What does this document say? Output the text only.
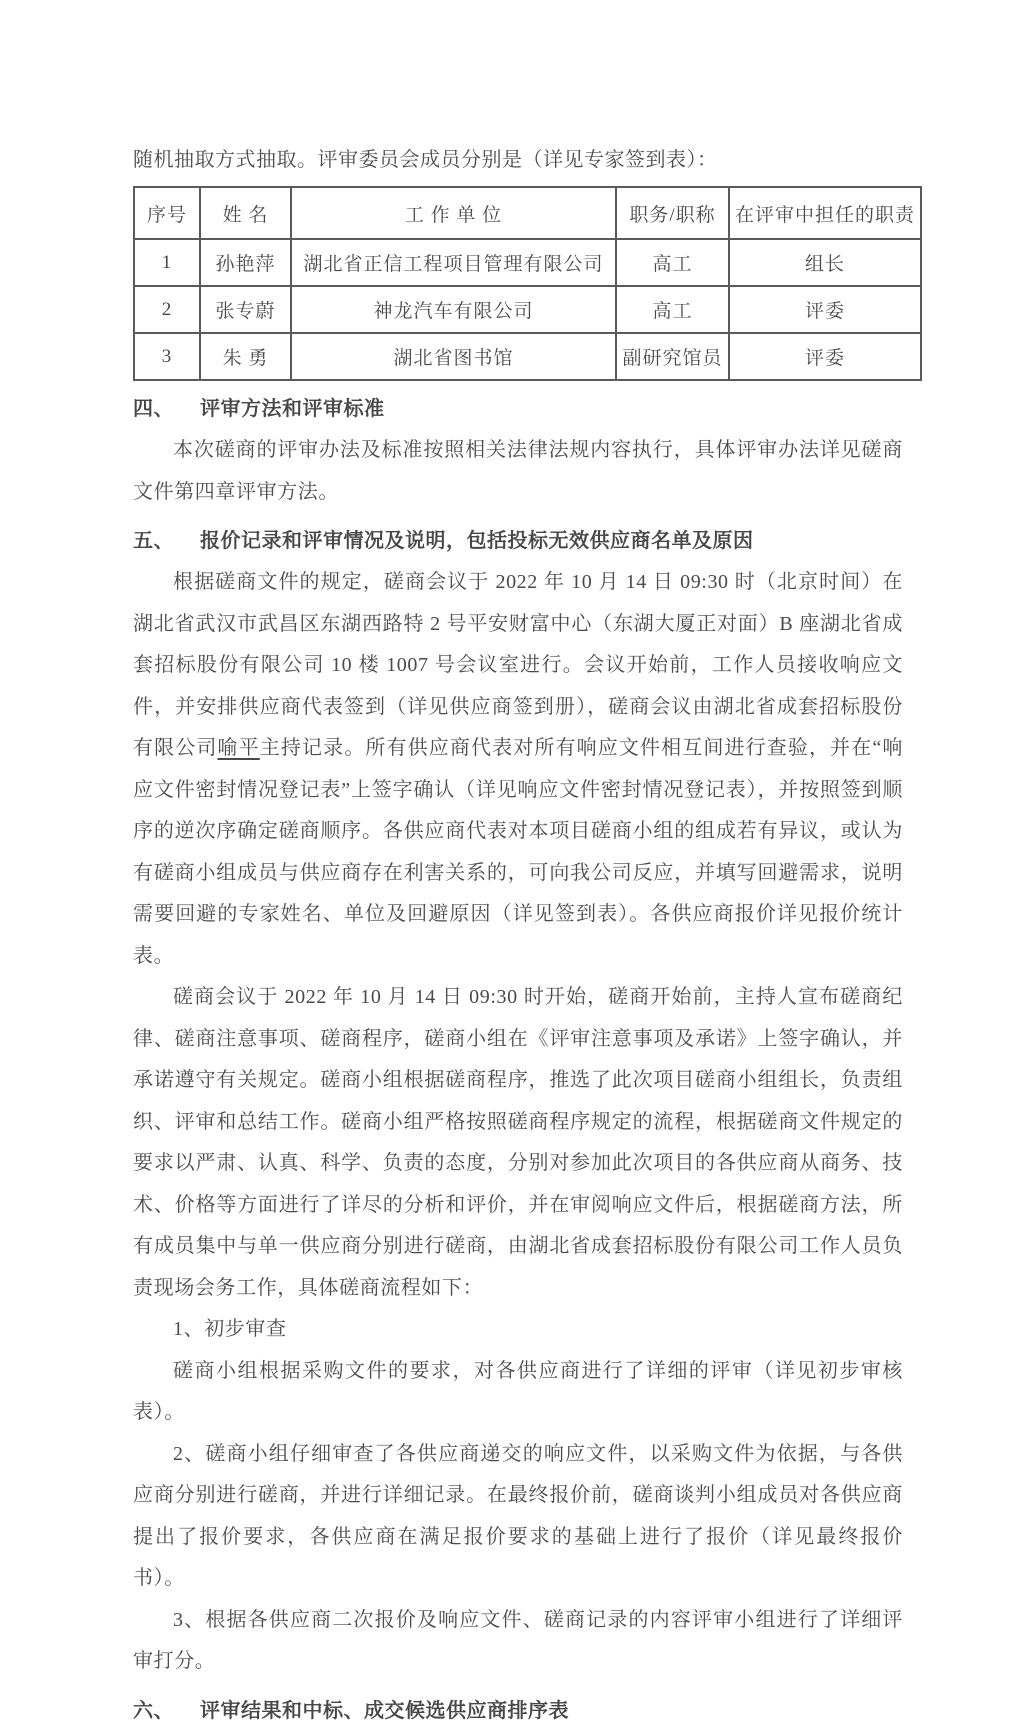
随机抽取方式抽取。评审委员会成员分别是（详见专家签到表）：
序号	姓 名	工 作 单 位	职务/职称	在评审中担任的职责
1	孙艳萍	湖北省正信工程项目管理有限公司	高工	组长
2	张专蔚	神龙汽车有限公司	高工	评委
3	朱 勇	湖北省图书馆	副研究馆员	评委
四、 评审方法和评审标准

本次磋商的评审办法及标准按照相关法律法规内容执行，具体评审办法详见磋商文件第四章评审方法。

五、 报价记录和评审情况及说明，包括投标无效供应商名单及原因

根据磋商文件的规定，磋商会议于 2022 年 10 月 14 日 09:30 时（北京时间）在湖北省武汉市武昌区东湖西路特 2 号平安财富中心（东湖大厦正对面）B 座湖北省成套招标股份有限公司 10 楼 1007 号会议室进行。会议开始前，工作人员接收响应文件，并安排供应商代表签到（详见供应商签到册），磋商会议由湖北省成套招标股份有限公司喻平主持记录。所有供应商代表对所有响应文件相互间进行查验，并在“响应文件密封情况登记表”上签字确认（详见响应文件密封情况登记表），并按照签到顺序的逆次序确定磋商顺序。各供应商代表对本项目磋商小组的组成若有异议，或认为有磋商小组成员与供应商存在利害关系的，可向我公司反应，并填写回避需求，说明需要回避的专家姓名、单位及回避原因（详见签到表）。各供应商报价详见报价统计表。

磋商会议于 2022 年 10 月 14 日 09:30 时开始，磋商开始前，主持人宣布磋商纪律、磋商注意事项、磋商程序，磋商小组在《评审注意事项及承诺》上签字确认，并承诺遵守有关规定。磋商小组根据磋商程序，推选了此次项目磋商小组组长，负责组织、评审和总结工作。磋商小组严格按照磋商程序规定的流程，根据磋商文件规定的要求以严肃、认真、科学、负责的态度，分别对参加此次项目的各供应商从商务、技术、价格等方面进行了详尽的分析和评价，并在审阅响应文件后，根据磋商方法，所有成员集中与单一供应商分别进行磋商，由湖北省成套招标股份有限公司工作人员负责现场会务工作，具体磋商流程如下：

1、初步审查

磋商小组根据采购文件的要求，对各供应商进行了详细的评审（详见初步审核表）。

2、磋商小组仔细审查了各供应商递交的响应文件，以采购文件为依据，与各供应商分别进行磋商，并进行详细记录。在最终报价前，磋商谈判小组成员对各供应商提出了报价要求，各供应商在满足报价要求的基础上进行了报价（详见最终报价书）。

3、根据各供应商二次报价及响应文件、磋商记录的内容评审小组进行了详细评审打分。

六、 评审结果和中标、成交候选供应商排序表
